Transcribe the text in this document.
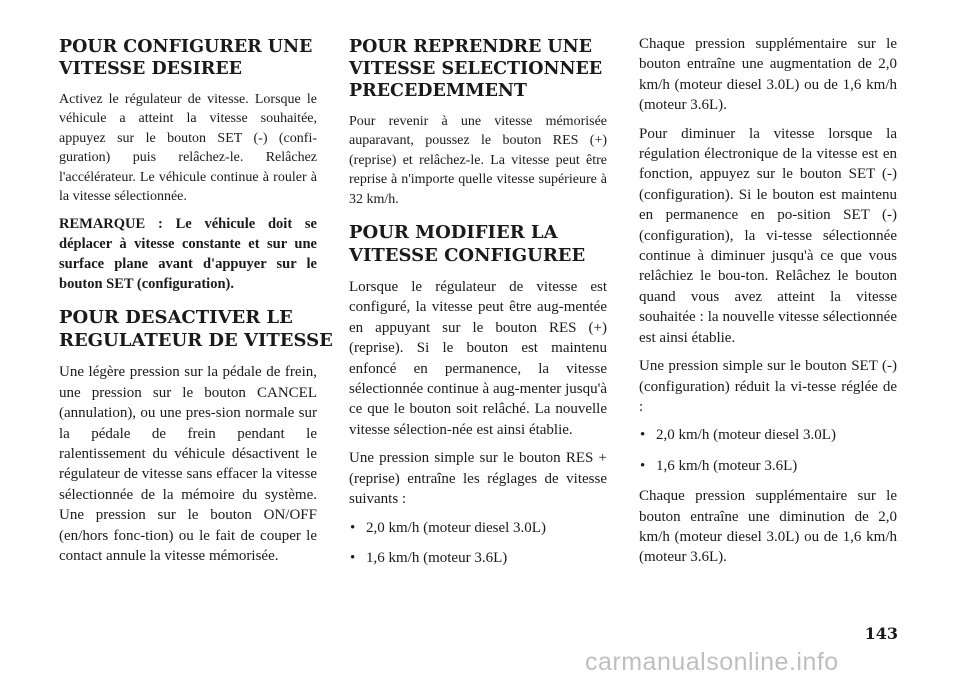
POUR CONFIGURER UNE
VITESSE DESIREE

Activez le régulateur de vitesse. Lorsque le véhicule a atteint la vitesse souhaitée, appuyez sur le bouton SET (-) (confi-guration) puis relâchez-le. Relâchez l'accélérateur. Le véhicule continue à rouler à la vitesse sélectionnée.

REMARQUE : Le véhicule doit se déplacer à vitesse constante et sur une surface plane avant d'appuyer sur le bouton SET (configuration).

POUR DESACTIVER LE
REGULATEUR DE VITESSE

Une légère pression sur la pédale de frein, une pression sur le bouton CANCEL (annulation), ou une pres-sion normale sur la pédale de frein pendant le ralentissement du véhicule désactivent le régulateur de vitesse sans effacer la vitesse sélectionnée de la mémoire du système. Une pression sur le bouton ON/OFF (en/hors fonc-tion) ou le fait de couper le contact annule la vitesse mémorisée.

POUR REPRENDRE UNE
VITESSE SELECTIONNEE
PRECEDEMMENT

Pour revenir à une vitesse mémorisée auparavant, poussez le bouton RES (+) (reprise) et relâchez-le. La vitesse peut être reprise à n'importe quelle vitesse supérieure à 32 km/h.

POUR MODIFIER LA
VITESSE CONFIGUREE

Lorsque le régulateur de vitesse est configuré, la vitesse peut être aug-mentée en appuyant sur le bouton RES (+) (reprise). Si le bouton est maintenu enfoncé en permanence, la vitesse sélectionnée continue à aug-menter jusqu'à ce que le bouton soit relâché. La nouvelle vitesse sélection-née est ainsi établie.

Une pression simple sur le bouton RES + (reprise) entraîne les réglages de vitesse suivants :

• 2,0 km/h (moteur diesel 3.0L)
• 1,6 km/h (moteur 3.6L)

Chaque pression supplémentaire sur le bouton entraîne une augmentation de 2,0 km/h (moteur diesel 3.0L) ou de 1,6 km/h (moteur 3.6L).

Pour diminuer la vitesse lorsque la régulation électronique de la vitesse est en fonction, appuyez sur le bouton SET (-) (configuration). Si le bouton est maintenu en permanence en po-sition SET (-) (configuration), la vi-tesse sélectionnée continue à diminuer jusqu'à ce que vous relâchiez le bou-ton. Relâchez le bouton quand vous avez atteint la vitesse souhaitée : la nouvelle vitesse sélectionnée est ainsi établie.

Une pression simple sur le bouton SET (-) (configuration) réduit la vi-tesse réglée de :

• 2,0 km/h (moteur diesel 3.0L)
• 1,6 km/h (moteur 3.6L)

Chaque pression supplémentaire sur le bouton entraîne une diminution de 2,0 km/h (moteur diesel 3.0L) ou de 1,6 km/h (moteur 3.6L).

143
carmanualsonline.info
